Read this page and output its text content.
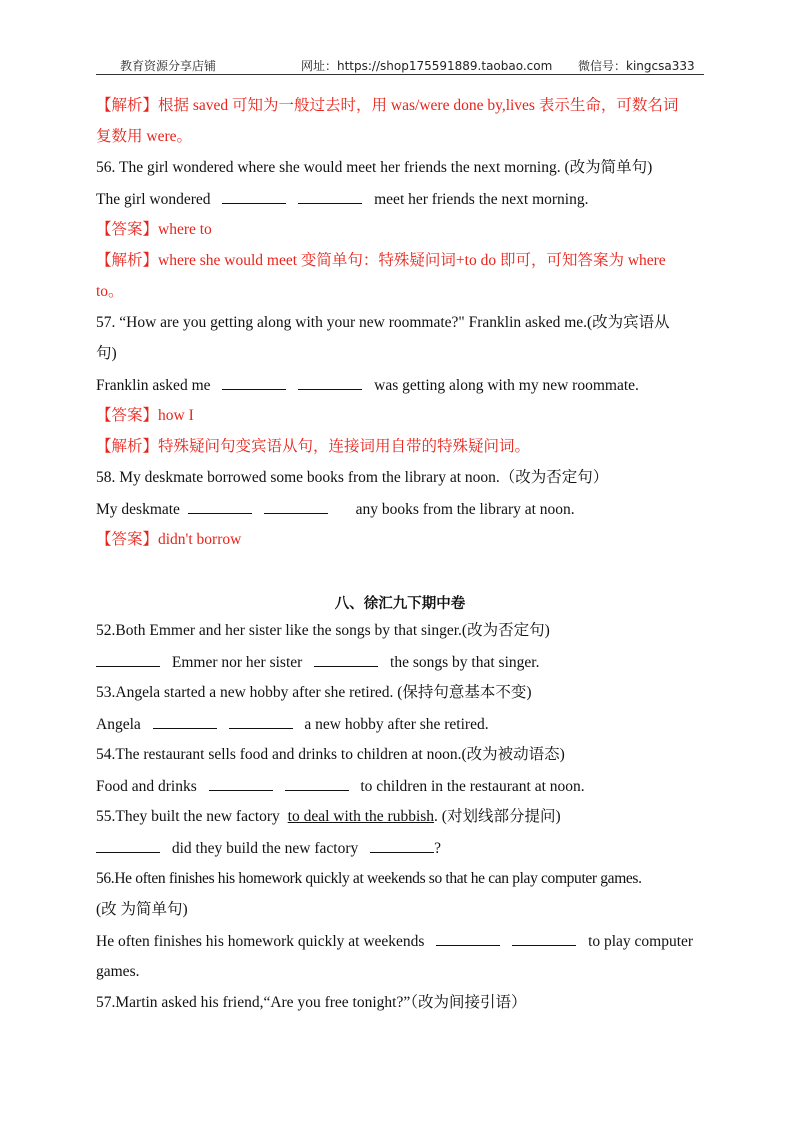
教育资源分享店铺	网址：https://shop175591889.taobao.com 微信号：kingcsa333
【解析】根据 saved 可知为一般过去时，用 was/were done by,lives 表示生命，可数名词
复数用 were。
56. The girl wondered where she would meet her friends the next morning. (改为简单句)
The girl wondered	meet her friends the next morning.
【答案】where to
【解析】where she would meet 变简单句：特殊疑问词+to do 即可，可知答案为 where
to。
57. “How are you getting along with your new roommate?" Franklin asked me.(改为宾语从
句)
Franklin asked me	was getting along with my new roommate.
【答案】how I
【解析】特殊疑问句变宾语从句，连接词用自带的特殊疑问词。
58. My deskmate borrowed some books from the library at noon.（改为否定句）
My deskmate	any books from the library at noon.
【答案】didn't borrow
八、徐汇九下期中卷
52.Both Emmer and her sister like the songs by that singer.(改为否定句)
Emmer nor her sister	the songs by that singer.
53.Angela started a new hobby after she retired. (保持句意基本不变)
Angela	a new hobby after she retired.
54.The restaurant sells food and drinks to children at noon.(改为被动语态)
Food and drinks	to children in the restaurant at noon.
55.They built the new factory to deal with the rubbish. (对划线部分提问)
did they build the new factory	?
56.He often finishes his homework quickly at weekends so that he can play computer games.
(改 为简单句)
He often finishes his homework quickly at weekends	to play computer
games.
57.Martin asked his friend,“Are you free tonight?”（改为间接引语）
